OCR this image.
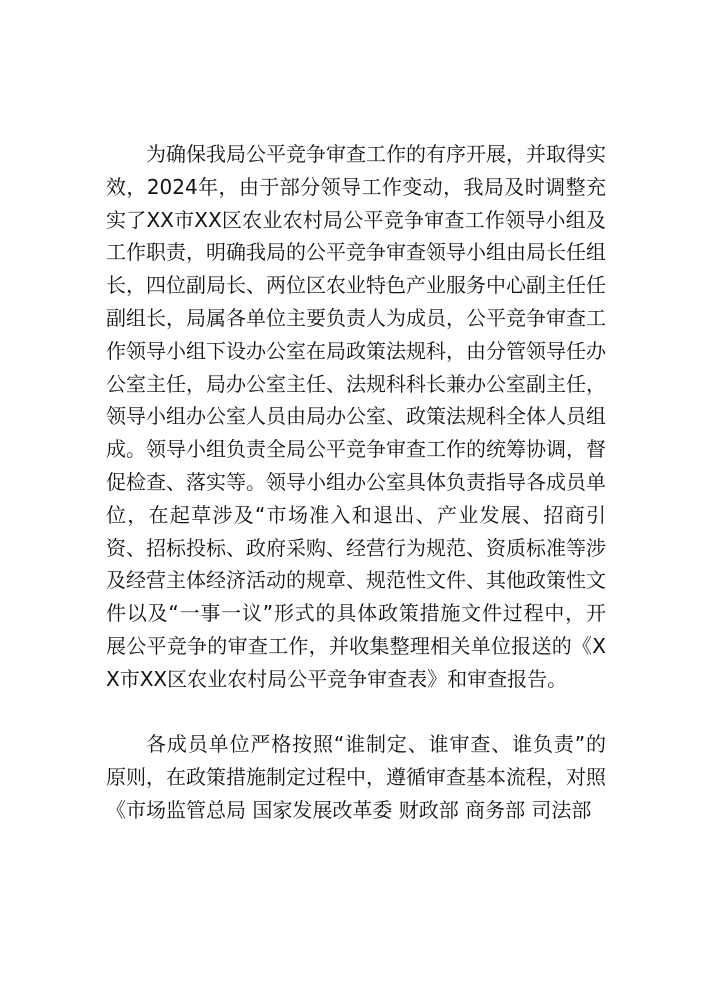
为确保我局公平竞争审查工作的有序开展，并取得实效，2024年，由于部分领导工作变动，我局及时调整充实了XX市XX区农业农村局公平竞争审查工作领导小组及工作职责，明确我局的公平竞争审查领导小组由局长任组长，四位副局长、两位区农业特色产业服务中心副主任任副组长，局属各单位主要负责人为成员，公平竞争审查工作领导小组下设办公室在局政策法规科，由分管领导任办公室主任，局办公室主任、法规科科长兼办公室副主任，领导小组办公室人员由局办公室、政策法规科全体人员组成。领导小组负责全局公平竞争审查工作的统筹协调，督促检查、落实等。领导小组办公室具体负责指导各成员单位，在起草涉及“市场准入和退出、产业发展、招商引资、招标投标、政府采购、经营行为规范、资质标准等涉及经营主体经济活动的规章、规范性文件、其他政策性文件以及“一事一议”形式的具体政策措施文件过程中，开展公平竞争的审查工作，并收集整理相关单位报送的《XX市XX区农业农村局公平竞争审查表》和审查报告。

各成员单位严格按照“谁制定、谁审查、谁负责”的原则，在政策措施制定过程中，遵循审查基本流程，对照《市场监管总局 国家发展改革委 财政部 商务部 司法部
